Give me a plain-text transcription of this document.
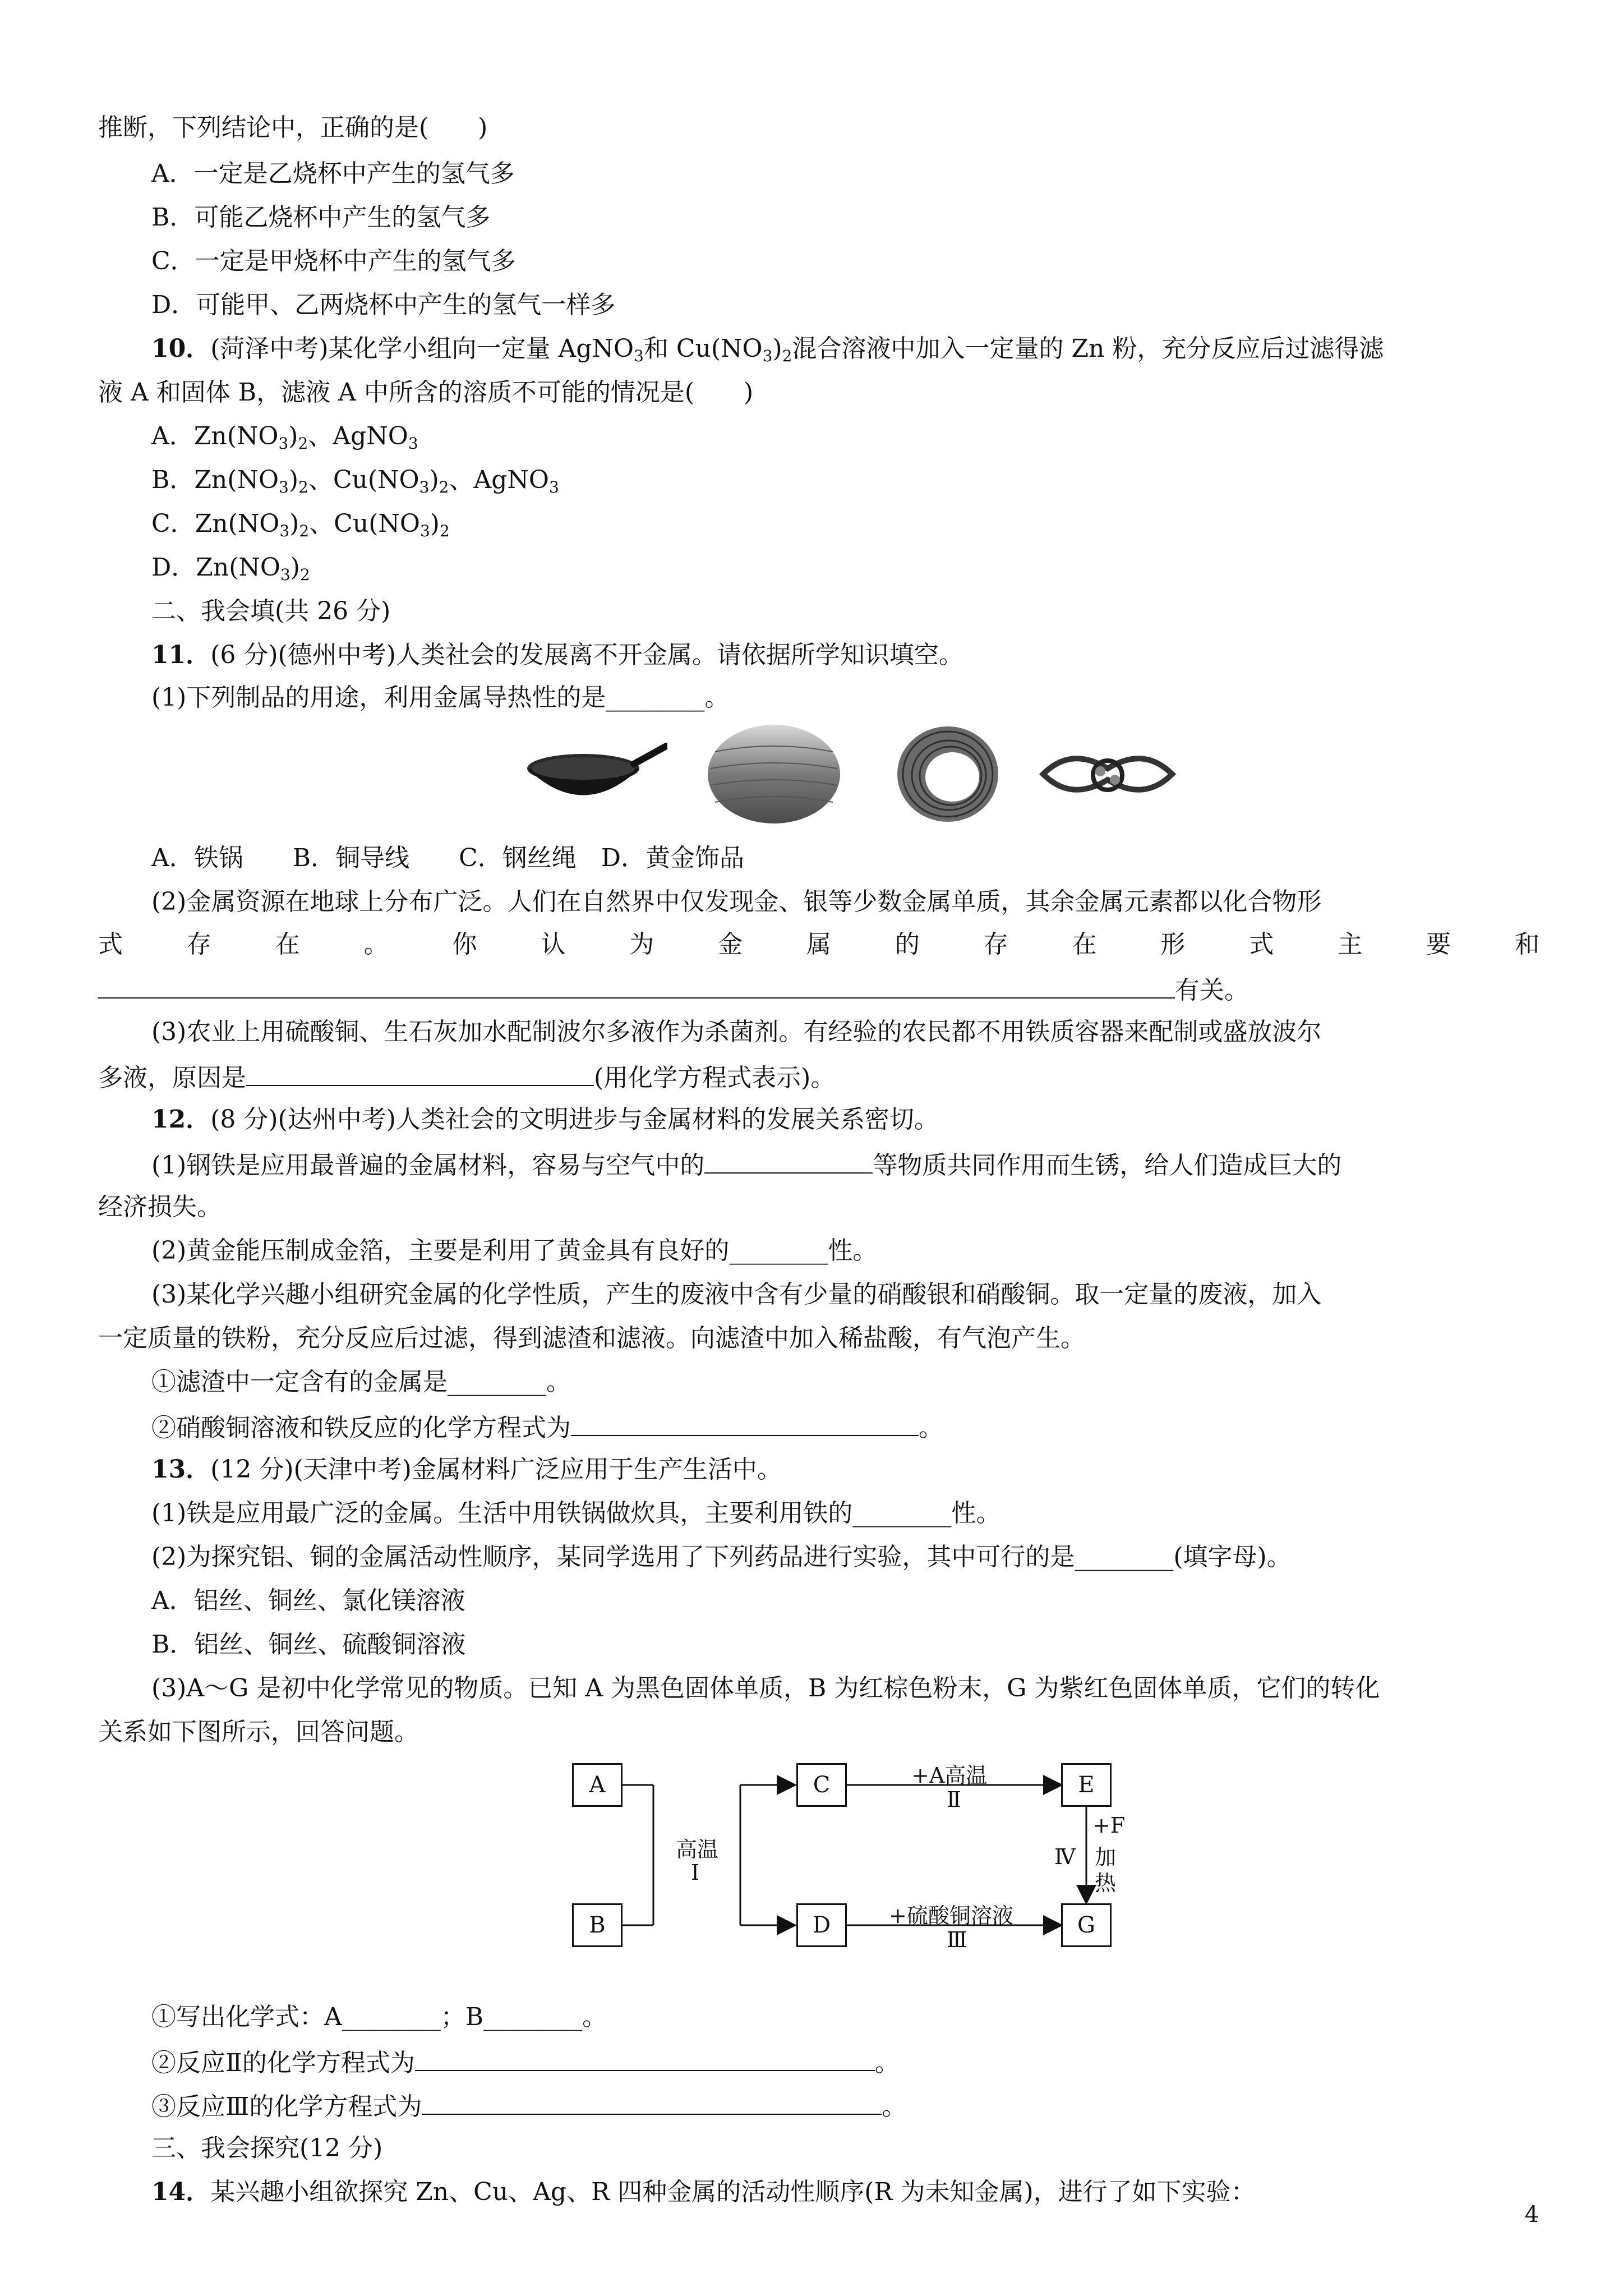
推断，下列结论中，正确的是(　　)
A．一定是乙烧杯中产生的氢气多
B．可能乙烧杯中产生的氢气多
C．一定是甲烧杯中产生的氢气多
D．可能甲、乙两烧杯中产生的氢气一样多
10．(菏泽中考)某化学小组向一定量 AgNO$_3$和 $Cu(NO_3)_2$混合溶液中加入一定量的 Zn 粉，充分反应后过滤得滤
液 A 和固体 B，滤液 A 中所含的溶质不可能的情况是(　　)
A．$Zn(NO_3)_2$、AgNO$_3$
B．$Zn(NO_3)_2$、$Cu(NO_3)_2$、AgNO$_3$
C．$Zn(NO_3)_2$、$Cu(NO_3)_2$
D．$Zn(NO_3)_2$
二、我会填(共 26 分)
11．(6 分)(德州中考)人类社会的发展离不开金属。请依据所学知识填空。
(1)下列制品的用途，利用金属导热性的是________。
A．铁锅　　B．铜导线　　C．钢丝绳　D．黄金饰品
(2)金属资源在地球上分布广泛。人们在自然界中仅发现金、银等少数金属单质，其余金属元素都以化合物形
式	存	在	。	你	认	为	金	属	的	存	在	形	式	主	要	和
有关。
(3)农业上用硫酸铜、生石灰加水配制波尔多液作为杀菌剂。有经验的农民都不用铁质容器来配制或盛放波尔
多液，原因是	(用化学方程式表示)。
12．(8 分)(达州中考)人类社会的文明进步与金属材料的发展关系密切。
(1)钢铁是应用最普遍的金属材料，容易与空气中的	等物质共同作用而生锈，给人们造成巨大的
经济损失。
(2)黄金能压制成金箔，主要是利用了黄金具有良好的________性。
(3)某化学兴趣小组研究金属的化学性质，产生的废液中含有少量的硝酸银和硝酸铜。取一定量的废液，加入
一定质量的铁粉，充分反应后过滤，得到滤渣和滤液。向滤渣中加入稀盐酸，有气泡产生。
①滤渣中一定含有的金属是________。
②硝酸铜溶液和铁反应的化学方程式为	。
13．(12 分)(天津中考)金属材料广泛应用于生产生活中。
(1)铁是应用最广泛的金属。生活中用铁锅做炊具，主要利用铁的________性。
(2)为探究铝、铜的金属活动性顺序，某同学选用了下列药品进行实验，其中可行的是________(填字母)。
A．铝丝、铜丝、氯化镁溶液
B．铝丝、铜丝、硫酸铜溶液
(3)A～G 是初中化学常见的物质。已知 A 为黑色固体单质，B 为红棕色粉末，G 为紫红色固体单质，它们的转化
关系如下图所示，回答问题。
A
B
C
D
E
G
高温
Ⅰ
+A高温
Ⅱ
+硫酸铜溶液
Ⅲ
Ⅳ
+F
加
热
①写出化学式：A________；B________。
②反应Ⅱ的化学方程式为	。
③反应Ⅲ的化学方程式为	。
三、我会探究(12 分)
14．某兴趣小组欲探究 Zn、Cu、Ag、R 四种金属的活动性顺序(R 为未知金属)，进行了如下实验：
4
